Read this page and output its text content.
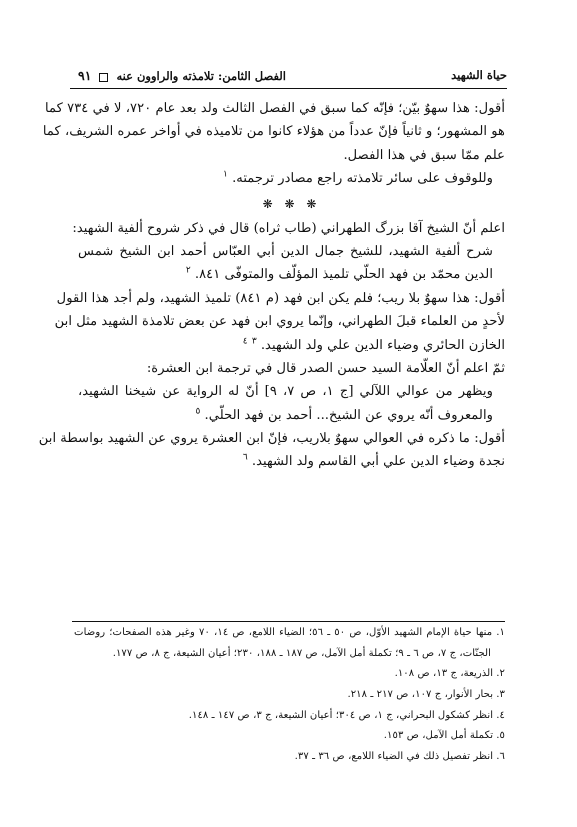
حياة الشهيد
الفصل الثامن: تلامذته والراوون عنه  ٩١
أقول: هذا سهوٌ بيّن؛ فإنّه كما سبق في الفصل الثالث ولد بعد عام ٧٢٠، لا في ٧٣٤ كما
هو المشهور؛ و ثانياً فإنّ عدداً من هؤلاء كانوا من تلاميذه في أواخر عمره الشريف، كما
علم ممّا سبق في هذا الفصل.
وللوقوف على سائر تلامذته راجع مصادر ترجمته. $^١$
❋ ❋ ❋
اعلم أنّ الشيخ آقا بزرگ الطهراني (طاب ثراه) قال في ذكر شروح ألفية الشهيد:
شرح ألفية الشهيد، للشيخ جمال الدين أبي العبّاس أحمد ابن الشيخ شمس
الدين محمّد بن فهد الحلّي تلميذ المؤلّف والمتوفّى ٨٤١. $^٢$
أقول: هذا سهوٌ بلا ريب؛ فلم يكن ابن فهد (م ٨٤١) تلميذ الشهيد، ولم أجد هذا القول
لأحدٍ من العلماء قبلَ الطهراني، وإنّما يروي ابن فهد عن بعض تلامذة الشهيد مثل ابن
الخازن الحائري وضياء الدين علي ولد الشهيد. $^٣$ $^٤$
ثمّ اعلم أنّ العلّامة السيد حسن الصدر قال في ترجمة ابن العشرة:
ويظهر من عوالي اللآلي [ج ١، ص ٧، ٩] أنّ له الرواية عن شيخنا الشهيد،
والمعروف أنّه يروي عن الشيخ... أحمد بن فهد الحلّي. $^٥$
أقول: ما ذكره في العوالي سهوٌ بلاريب، فإنّ ابن العشرة يروي عن الشهيد بواسطة ابن
نجدة وضياء الدين علي أبي القاسم ولد الشهيد. $^٦$
١. منها حياة الإمام الشهيد الأوّل، ص ٥٠ ـ ٥٦؛ الضياء اللامع، ص ١٤، ٧٠ وغير هذه الصفحات؛ روضات
الجنّات، ج ٧، ص ٦ ـ ٩؛ تكملة أمل الآمل، ص ١٨٧ ـ ١٨٨، ٢٣٠؛ أعيان الشيعة، ج ٨، ص ١٧٧.
٢. الذريعة، ج ١٣، ص ١٠٨.
٣. بحار الأنوار، ج ١٠٧، ص ٢١٧ ـ ٢١٨.
٤. انظر كشكول البحراني، ج ١، ص ٣٠٤؛ أعيان الشيعة، ج ٣، ص ١٤٧ ـ ١٤٨.
٥. تكملة أمل الآمل، ص ١٥٣.
٦. انظر تفصيل ذلك في الضياء اللامع، ص ٣٦ ـ ٣٧.
